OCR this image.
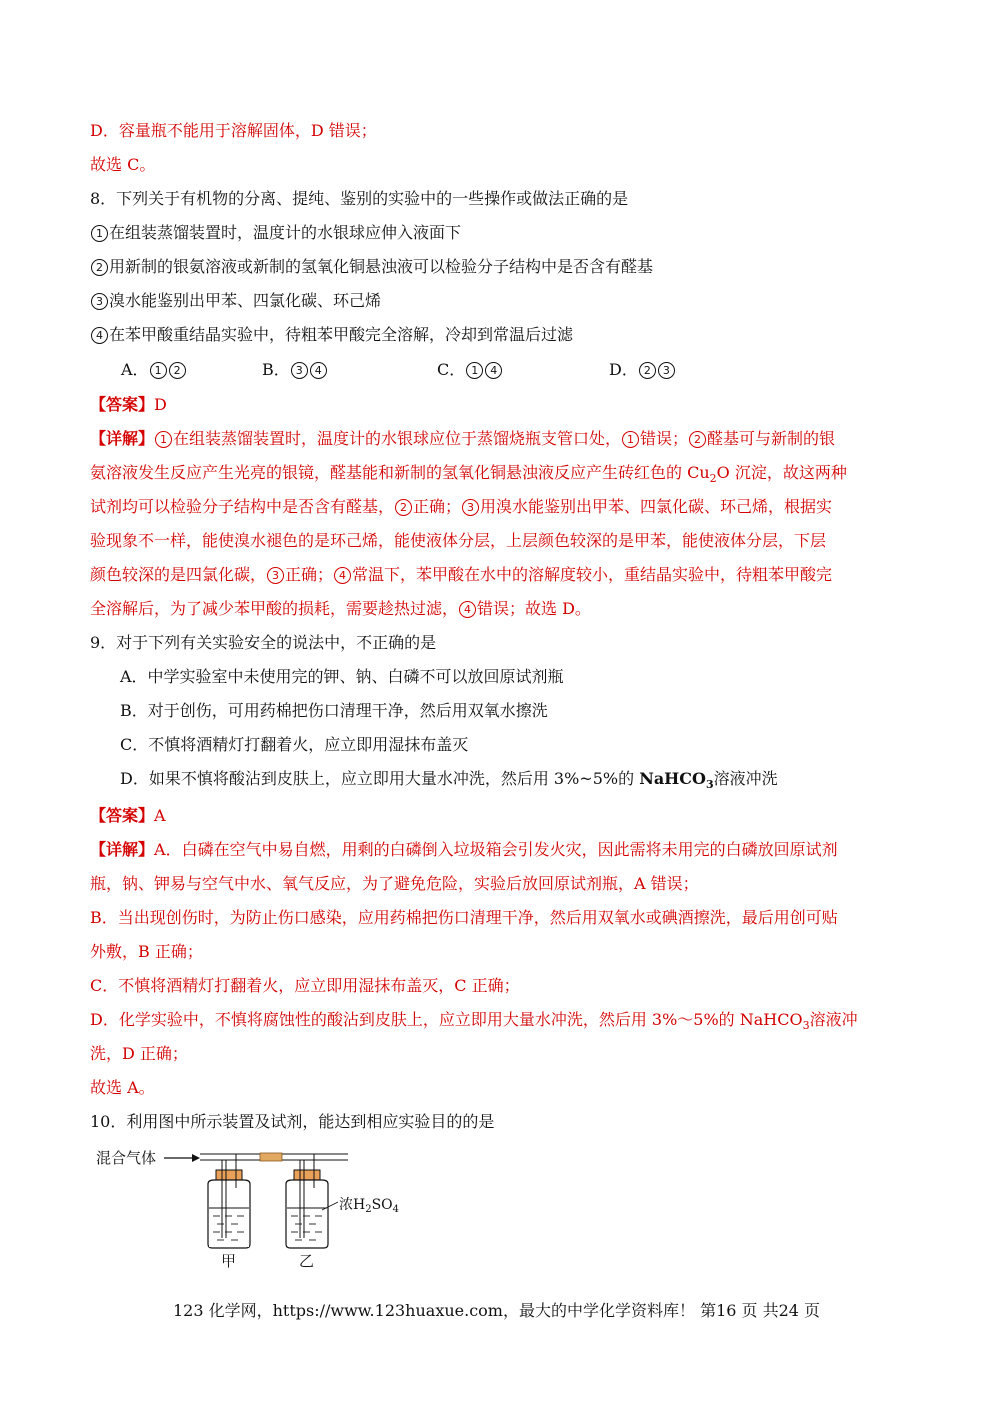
D．容量瓶不能用于溶解固体，D 错误；
故选 C。
8．下列关于有机物的分离、提纯、鉴别的实验中的一些操作或做法正确的是
1 在组装蒸馏装置时，温度计的水银球应伸入液面下
2 用新制的银氨溶液或新制的氢氧化铜悬浊液可以检验分子结构中是否含有醛基
3 溴水能鉴别出甲苯、四氯化碳、环己烯
4 在苯甲酸重结晶实验中，待粗苯甲酸完全溶解，冷却到常温后过滤
A． 1 2	B． 3 4	C． 1 4	D． 2 3
【答案】D
【详解】 1 在组装蒸馏装置时，温度计的水银球应位于蒸馏烧瓶支管口处， 1 错误； 2 醛基可与新制的银
氨溶液发生反应产生光亮的银镜，醛基能和新制的氢氧化铜悬浊液反应产生砖红色的 $Cu_2O$ 沉淀，故这两种
试剂均可以检验分子结构中是否含有醛基， 2 正确； 3 用溴水能鉴别出甲苯、四氯化碳、环己烯，根据实
验现象不一样，能使溴水褪色的是环己烯，能使液体分层，上层颜色较深的是甲苯，能使液体分层，下层
颜色较深的是四氯化碳， 3 正确； 4 常温下，苯甲酸在水中的溶解度较小，重结晶实验中，待粗苯甲酸完
全溶解后，为了减少苯甲酸的损耗，需要趁热过滤， 4 错误；故选 D。
9．对于下列有关实验安全的说法中，不正确的是
A．中学实验室中未使用完的钾、钠、白磷不可以放回原试剂瓶
B．对于创伤，可用药棉把伤口清理干净，然后用双氧水擦洗
C．不慎将酒精灯打翻着火，应立即用湿抹布盖灭
D．如果不慎将酸沾到皮肤上，应立即用大量水冲洗，然后用 3%~5%的 NaHCO$_3$溶液冲洗
【答案】A
【详解】A．白磷在空气中易自燃，用剩的白磷倒入垃圾箱会引发火灾，因此需将未用完的白磷放回原试剂
瓶，钠、钾易与空气中水、氧气反应，为了避免危险，实验后放回原试剂瓶，A 错误；
B．当出现创伤时，为防止伤口感染，应用药棉把伤口清理干净，然后用双氧水或碘酒擦洗，最后用创可贴
外敷，B 正确；
C．不慎将酒精灯打翻着火，应立即用湿抹布盖灭，C 正确；
D．化学实验中，不慎将腐蚀性的酸沾到皮肤上，应立即用大量水冲洗，然后用 3%～5%的 NaHCO$_3$溶液冲
洗，D 正确；
故选 A。
10．利用图中所示装置及试剂，能达到相应实验目的的是
混合气体
浓$H_2SO_4$
甲	乙
123 化学网，https://www.123huaxue.com，最大的中学化学资料库！ 第16 页 共24 页
